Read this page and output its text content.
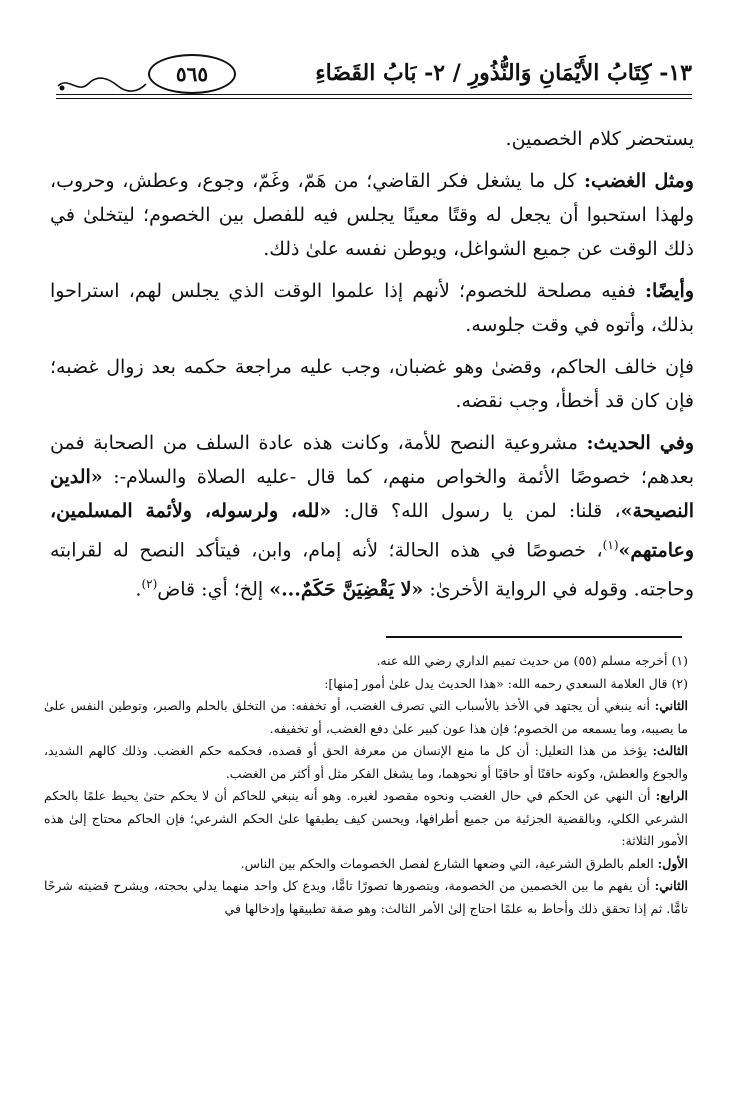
١٣- كِتَابُ الأَيْمَانِ وَالنُّذُورِ / ٢- بَابُ القَضَاءِ
٥٦٥

يستحضر كلام الخصمين.

ومثل الغضب: كل ما يشغل فكر القاضي؛ من هَمّ، وغَمّ، وجوع، وعطش، وحروب، ولهذا استحبوا أن يجعل له وقتًا معينًا يجلس فيه للفصل بين الخصوم؛ ليتخلىٰ في ذلك الوقت عن جميع الشواغل، ويوطن نفسه علىٰ ذلك.

وأيضًا: ففيه مصلحة للخصوم؛ لأنهم إذا علموا الوقت الذي يجلس لهم، استراحوا بذلك، وأتوه في وقت جلوسه.

فإن خالف الحاكم، وقضىٰ وهو غضبان، وجب عليه مراجعة حكمه بعد زوال غضبه؛ فإن كان قد أخطأ، وجب نقضه.

وفي الحديث: مشروعية النصح للأمة، وكانت هذه عادة السلف من الصحابة فمن بعدهم؛ خصوصًا الأئمة والخواص منهم، كما قال -عليه الصلاة والسلام-: «الدين النصيحة»، قلنا: لمن يا رسول الله؟ قال: «لله، ولرسوله، ولأئمة المسلمين، وعامتهم»$^{(١)}$، خصوصًا في هذه الحالة؛ لأنه إمام، وابن، فيتأكد النصح له لقرابته وحاجته. وقوله في الرواية الأخرىٰ: «لا يَقْضِيَنَّ حَكَمٌ...» إلخ؛ أي: قاض$^{(٢)}$.

(١) أخرجه مسلم (٥٥) من حديث تميم الداري رضي الله عنه.

(٢) قال العلامة السعدي رحمه الله: «هذا الحديث يدل علىٰ أمور [منها]:

الثاني: أنه ينبغي أن يجتهد في الأخذ بالأسباب التي تصرف الغضب، أو تخففه: من التخلق بالحلم والصبر، وتوطين النفس علىٰ ما يصيبه، وما يسمعه من الخصوم؛ فإن هذا عون كبير علىٰ دفع الغضب، أو تخفيفه.

الثالث: يؤخذ من هذا التعليل: أن كل ما منع الإنسان من معرفة الحق أو قصده، فحكمه حكم الغضب. وذلك كالهم الشديد، والجوع والعطش، وكونه حاقنًا أو حاقبًا أو نحوهما، وما يشغل الفكر مثل أو أكثر من الغضب.

الرابع: أن النهي عن الحكم في حال الغضب ونحوه مقصود لغيره. وهو أنه ينبغي للحاكم أن لا يحكم حتىٰ يحيط علمًا بالحكم الشرعي الكلي، وبالقضية الجزئية من جميع أطرافها، ويحسن كيف يطبقها علىٰ الحكم الشرعي؛ فإن الحاكم محتاج إلىٰ هذه الأمور الثلاثة:

الأول: العلم بالطرق الشرعية، التي وضعها الشارع لفصل الخصومات والحكم بين الناس.

الثاني: أن يفهم ما بين الخصمين من الخصومة، ويتصورها تصورًا تامًّا، ويدع كل واحد منهما يدلي بحجته، ويشرح قضيته شرحًا تامًّا. ثم إذا تحقق ذلك وأحاط به علمًا احتاج إلىٰ الأمر الثالث: وهو صفة تطبيقها وإدخالها في
